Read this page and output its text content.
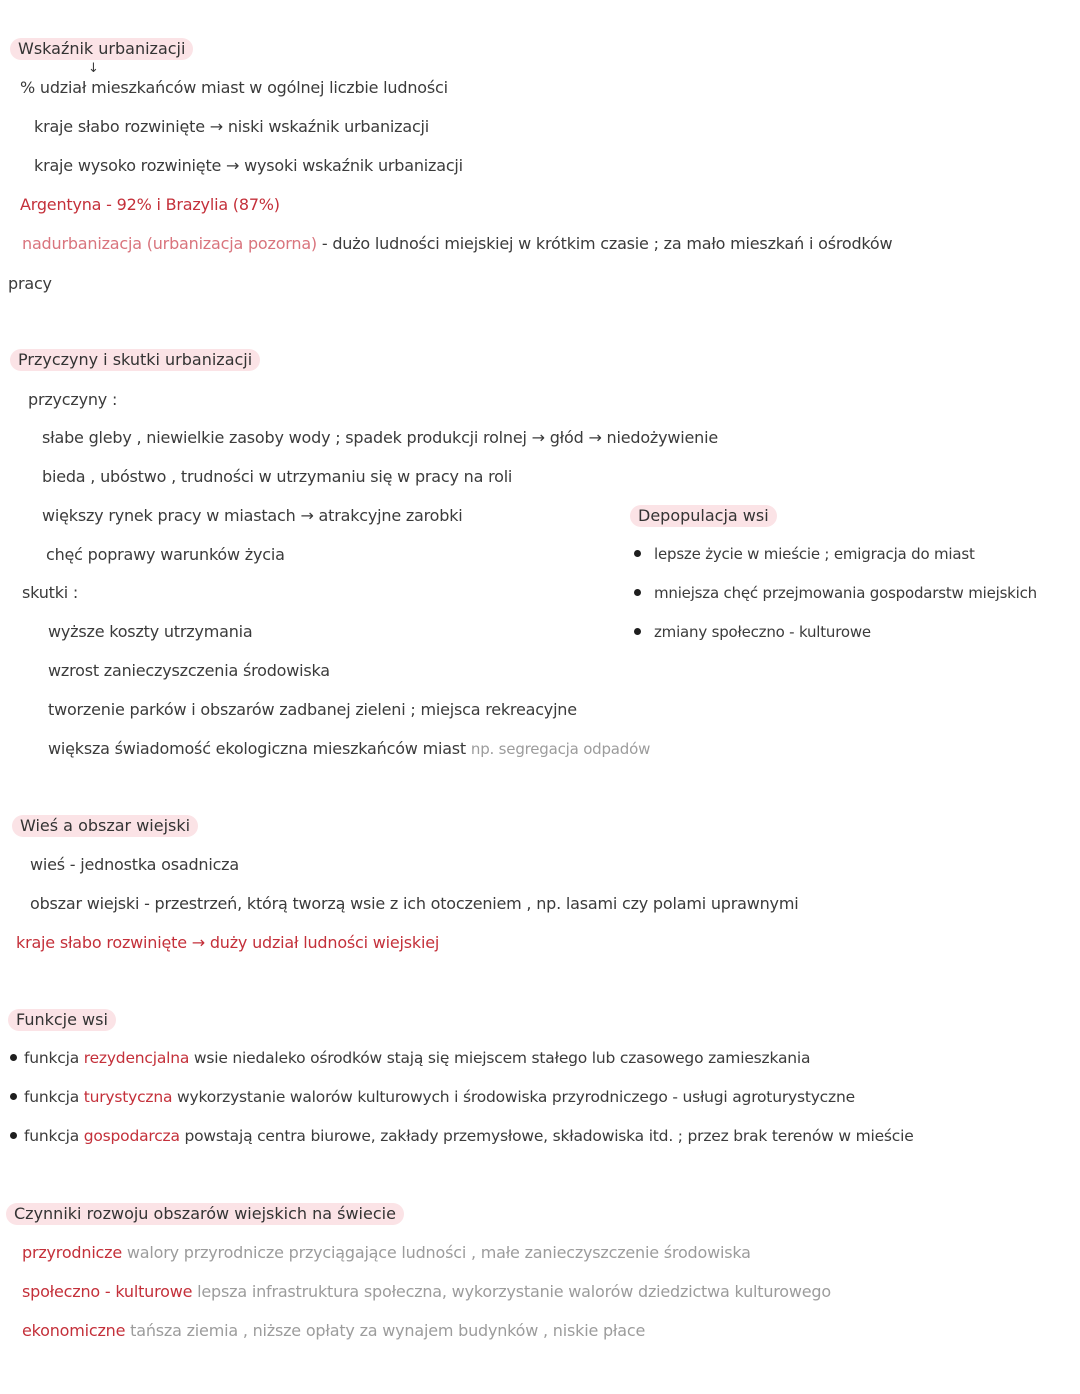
Wskaźnik urbanizacji
↓
% udział mieszkańców miast w ogólnej liczbie ludności
kraje słabo rozwinięte → niski wskaźnik urbanizacji
kraje wysoko rozwinięte → wysoki wskaźnik urbanizacji
Argentyna - 92% i Brazylia (87%)
nadurbanizacja (urbanizacja pozorna) - dużo ludności miejskiej w krótkim czasie ; za mało mieszkań i ośrodków
pracy
Przyczyny i skutki urbanizacji
przyczyny :
słabe gleby , niewielkie zasoby wody ; spadek produkcji rolnej → głód → niedożywienie
bieda , ubóstwo , trudności w utrzymaniu się w pracy na roli
większy rynek pracy w miastach → atrakcyjne zarobki
chęć poprawy warunków życia
skutki :
wyższe koszty utrzymania
wzrost zanieczyszczenia środowiska
tworzenie parków i obszarów zadbanej zieleni ; miejsca rekreacyjne
większa świadomość ekologiczna mieszkańców miast np. segregacja odpadów
Depopulacja wsi
lepsze życie w mieście ; emigracja do miast
mniejsza chęć przejmowania gospodarstw miejskich
zmiany społeczno - kulturowe
Wieś a obszar wiejski
wieś - jednostka osadnicza
obszar wiejski - przestrzeń, którą tworzą wsie z ich otoczeniem , np. lasami czy polami uprawnymi
kraje słabo rozwinięte → duży udział ludności wiejskiej
Funkcje wsi
funkcja rezydencjalna wsie niedaleko ośrodków stają się miejscem stałego lub czasowego zamieszkania
funkcja turystyczna wykorzystanie walorów kulturowych i środowiska przyrodniczego - usługi agroturystyczne
funkcja gospodarcza powstają centra biurowe, zakłady przemysłowe, składowiska itd. ; przez brak terenów w mieście
Czynniki rozwoju obszarów wiejskich na świecie
przyrodnicze walory przyrodnicze przyciągające ludności , małe zanieczyszczenie środowiska
społeczno - kulturowe lepsza infrastruktura społeczna, wykorzystanie walorów dziedzictwa kulturowego
ekonomiczne tańsza ziemia , niższe opłaty za wynajem budynków , niskie płace
